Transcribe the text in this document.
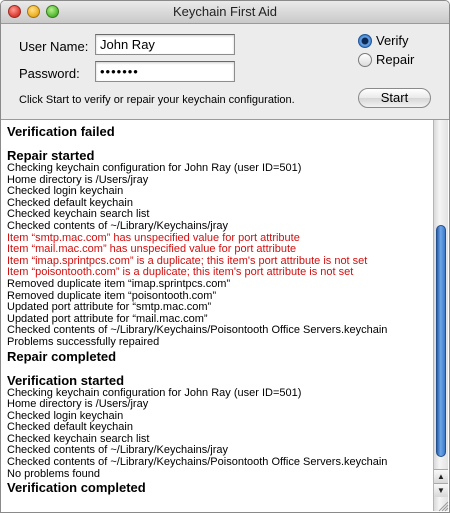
Keychain First Aid
User Name: John Ray
Password:	•••••••
Click Start to verify or repair your keychain configuration.
Verify
Repair
Start
Verification failed
Repair started
Checking keychain configuration for John Ray (user ID=501)
Home directory is /Users/jray
Checked login keychain
Checked default keychain
Checked keychain search list
Checked contents of ~/Library/Keychains/jray
Item “smtp.mac.com” has unspecified value for port attribute
Item “mail.mac.com” has unspecified value for port attribute
Item “imap.sprintpcs.com” is a duplicate; this item's port attribute is not set
Item “poisontooth.com” is a duplicate; this item's port attribute is not set
Removed duplicate item “imap.sprintpcs.com”
Removed duplicate item “poisontooth.com”
Updated port attribute for “smtp.mac.com”
Updated port attribute for “mail.mac.com”
Checked contents of ~/Library/Keychains/Poisontooth Office Servers.keychain
Problems successfully repaired
Repair completed
Verification started
Checking keychain configuration for John Ray (user ID=501)
Home directory is /Users/jray
Checked login keychain
Checked default keychain
Checked keychain search list
Checked contents of ~/Library/Keychains/jray
Checked contents of ~/Library/Keychains/Poisontooth Office Servers.keychain
No problems found
Verification completed
▲
▼
